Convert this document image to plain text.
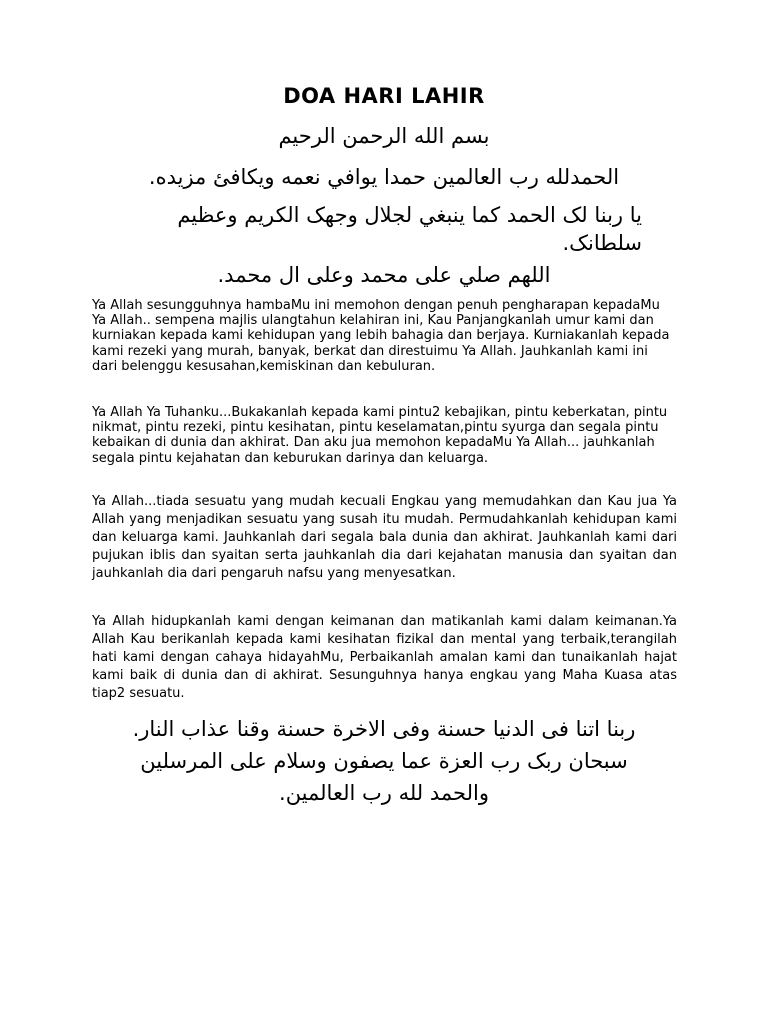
DOA HARI LAHIR

بسم الله الرحمن الرحيم

الحمدلله رب العالمين حمدا يوافي نعمه ويكافئ مزيده.

يا ربنا لک الحمد کما ينبغي لجلال وجهک الکريم وعظيم سلطانک.

اللهم صلي على محمد وعلى ال محمد.

Ya Allah sesungguhnya hambaMu ini memohon dengan penuh pengharapan kepadaMu Ya Allah.. sempena majlis ulangtahun kelahiran ini, Kau Panjangkanlah umur kami dan kurniakan kepada kami kehidupan yang lebih bahagia dan berjaya. Kurniakanlah kepada kami rezeki yang murah, banyak, berkat dan direstuimu Ya Allah. Jauhkanlah kami ini dari belenggu kesusahan,kemiskinan dan kebuluran.

Ya Allah Ya Tuhanku...Bukakanlah kepada kami pintu2 kebajikan, pintu keberkatan, pintu nikmat, pintu rezeki, pintu kesihatan, pintu keselamatan,pintu syurga dan segala pintu kebaikan di dunia dan akhirat. Dan aku jua memohon kepadaMu Ya Allah... jauhkanlah segala pintu kejahatan dan keburukan darinya dan keluarga.

Ya Allah...tiada sesuatu yang mudah kecuali Engkau yang memudahkan dan Kau jua Ya Allah yang menjadikan sesuatu yang susah itu mudah. Permudahkanlah kehidupan kami dan keluarga kami. Jauhkanlah dari segala bala dunia dan akhirat. Jauhkanlah kami dari pujukan iblis dan syaitan serta jauhkanlah dia dari kejahatan manusia dan syaitan dan jauhkanlah dia dari pengaruh nafsu yang menyesatkan.

Ya Allah hidupkanlah kami dengan keimanan dan matikanlah kami dalam keimanan.Ya Allah Kau berikanlah kepada kami kesihatan fizikal dan mental yang terbaik,terangilah hati kami dengan cahaya hidayahMu, Perbaikanlah amalan kami dan tunaikanlah hajat kami baik di dunia dan di akhirat. Sesunguhnya hanya engkau yang Maha Kuasa atas tiap2 sesuatu.

ربنا اتنا فى الدنيا حسنة وفى الاخرة حسنة وقنا عذاب النار.
سبحان ربک رب العزة عما يصفون وسلام على المرسلين
والحمد لله رب العالمين.
